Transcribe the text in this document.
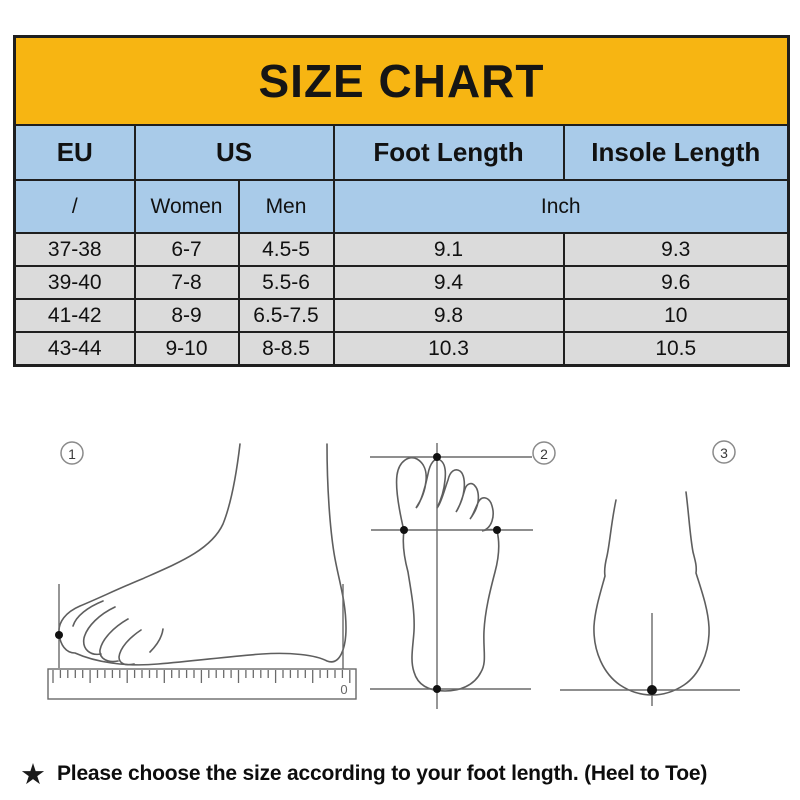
SIZE CHART				
EU	US		Foot Length	Insole Length
/	Women	Men	Inch	
37-38	6-7	4.5-5	9.1	9.3
39-40	7-8	5.5-6	9.4	9.6
41-42	8-9	6.5-7.5	9.8	10
43-44	9-10	8-8.5	10.3	10.5
1
0
2	3
★ Please choose the size according to your foot length. (Heel to Toe)
